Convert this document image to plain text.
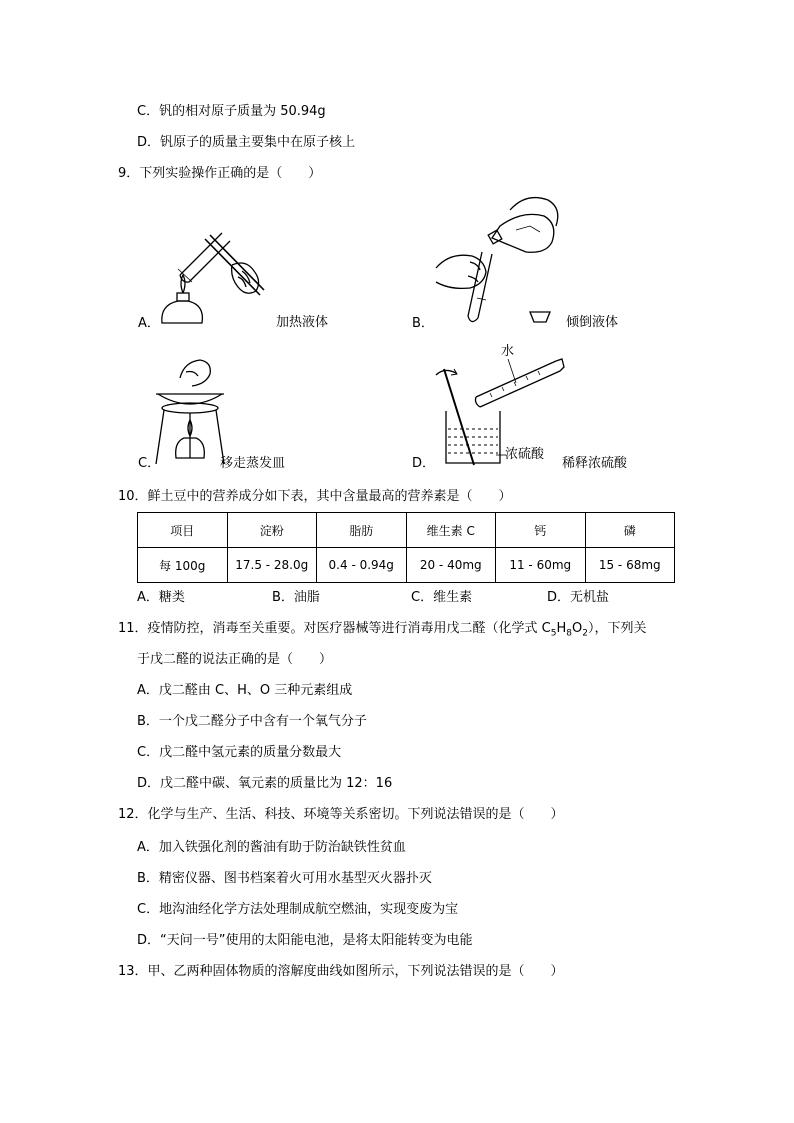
C．钒的相对原子质量为 50.94g
D．钒原子的质量主要集中在原子核上
9．下列实验操作正确的是（　　）
A．	加热液体	B．	倾倒液体
C．	移走蒸发皿
水
D．
浓硫酸
稀释浓硫酸
10．鲜土豆中的营养成分如下表，其中含量最高的营养素是（　　）
项目	淀粉	脂肪	维生素 C	钙	磷
每 100g	17.5 - 28.0g	0.4 - 0.94g	20 - 40mg	11 - 60mg	15 - 68mg
A．糖类	B．油脂	C．维生素	D．无机盐
11．疫情防控，消毒至关重要。对医疗器械等进行消毒用戊二醛（化学式 $C_5H_8O_2$），下列关
于戊二醛的说法正确的是（　　）
A．戊二醛由 C、H、O 三种元素组成
B．一个戊二醛分子中含有一个氧气分子
C．戊二醛中氢元素的质量分数最大
D．戊二醛中碳、氧元素的质量比为 12：16
12．化学与生产、生活、科技、环境等关系密切。下列说法错误的是（　　）
A．加入铁强化剂的酱油有助于防治缺铁性贫血
B．精密仪器、图书档案着火可用水基型灭火器扑灭
C．地沟油经化学方法处理制成航空燃油，实现变废为宝
D．“天问一号”使用的太阳能电池，是将太阳能转变为电能
13．甲、乙两种固体物质的溶解度曲线如图所示，下列说法错误的是（　　）
